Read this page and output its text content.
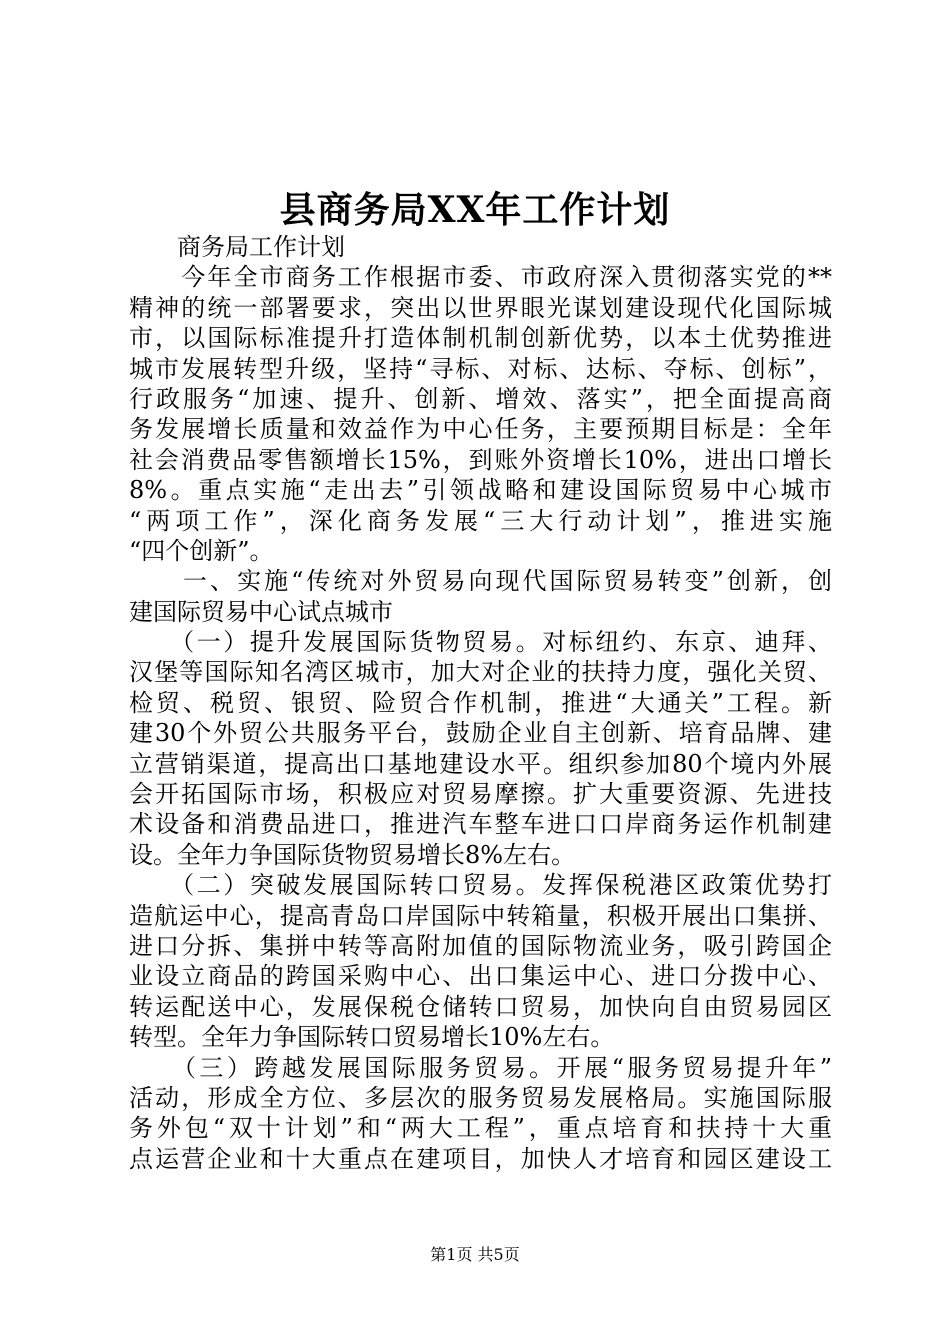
县商务局XX年工作计划
　　商务局工作计划
　　今年全市商务工作根据市委、市政府深入贯彻落实党的**
精神的统一部署要求，突出以世界眼光谋划建设现代化国际城
市，以国际标准提升打造体制机制创新优势，以本土优势推进
城市发展转型升级，坚持“寻标、对标、达标、夺标、创标”，
行政服务“加速、提升、创新、增效、落实”，把全面提高商
务发展增长质量和效益作为中心任务，主要预期目标是：全年
社会消费品零售额增长15%，到账外资增长10%，进出口增长
8%。重点实施“走出去”引领战略和建设国际贸易中心城市
“两项工作”，深化商务发展“三大行动计划”，推进实施
“四个创新”。
　　一、实施“传统对外贸易向现代国际贸易转变”创新，创
建国际贸易中心试点城市
　　（一）提升发展国际货物贸易。对标纽约、东京、迪拜、
汉堡等国际知名湾区城市，加大对企业的扶持力度，强化关贸、
检贸、税贸、银贸、险贸合作机制，推进“大通关”工程。新
建30个外贸公共服务平台，鼓励企业自主创新、培育品牌、建
立营销渠道，提高出口基地建设水平。组织参加80个境内外展
会开拓国际市场，积极应对贸易摩擦。扩大重要资源、先进技
术设备和消费品进口，推进汽车整车进口口岸商务运作机制建
设。全年力争国际货物贸易增长8%左右。
　　（二）突破发展国际转口贸易。发挥保税港区政策优势打
造航运中心，提高青岛口岸国际中转箱量，积极开展出口集拼、
进口分拆、集拼中转等高附加值的国际物流业务，吸引跨国企
业设立商品的跨国采购中心、出口集运中心、进口分拨中心、
转运配送中心，发展保税仓储转口贸易，加快向自由贸易园区
转型。全年力争国际转口贸易增长10%左右。
　　（三）跨越发展国际服务贸易。开展“服务贸易提升年”
活动，形成全方位、多层次的服务贸易发展格局。实施国际服
务外包“双十计划”和“两大工程”，重点培育和扶持十大重
点运营企业和十大重点在建项目，加快人才培育和园区建设工
第1页 共5页
